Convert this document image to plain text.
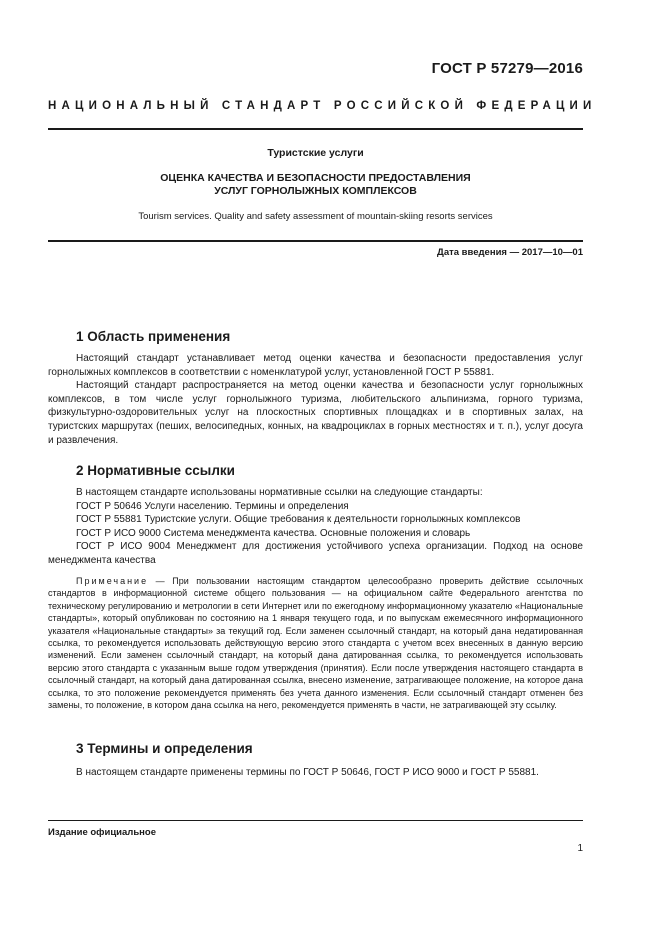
ГОСТ Р 57279—2016
НАЦИОНАЛЬНЫЙ СТАНДАРТ РОССИЙСКОЙ ФЕДЕРАЦИИ
Туристские услуги
ОЦЕНКА КАЧЕСТВА И БЕЗОПАСНОСТИ ПРЕДОСТАВЛЕНИЯ
УСЛУГ ГОРНОЛЫЖНЫХ КОМПЛЕКСОВ
Tourism services. Quality and safety assessment of mountain-skiing resorts services
Дата введения — 2017—10—01
1 Область применения

Настоящий стандарт устанавливает метод оценки качества и безопасности предоставления услуг горнолыжных комплексов в соответствии с номенклатурой услуг, установленной ГОСТ Р 55881.

Настоящий стандарт распространяется на метод оценки качества и безопасности услуг горнолыжных комплексов, в том числе услуг горнолыжного туризма, любительского альпинизма, горного туризма, физкультурно-оздоровительных услуг на плоскостных спортивных площадках и в спортивных залах, на туристских маршрутах (пеших, велосипедных, конных, на квадроциклах в горных местностях и т. п.), услуг досуга и развлечения.

2 Нормативные ссылки

В настоящем стандарте использованы нормативные ссылки на следующие стандарты:

ГОСТ Р 50646 Услуги населению. Термины и определения

ГОСТ Р 55881 Туристские услуги. Общие требования к деятельности горнолыжных комплексов

ГОСТ Р ИСО 9000 Система менеджмента качества. Основные положения и словарь

ГОСТ Р ИСО 9004 Менеджмент для достижения устойчивого успеха организации. Подход на основе менеджмента качества

Примечание — При пользовании настоящим стандартом целесообразно проверить действие ссылочных стандартов в информационной системе общего пользования — на официальном сайте Федерального агентства по техническому регулированию и метрологии в сети Интернет или по ежегодному информационному указателю «Национальные стандарты», который опубликован по состоянию на 1 января текущего года, и по выпускам ежемесячного информационного указателя «Национальные стандарты» за текущий год. Если заменен ссылочный стандарт, на который дана недатированная ссылка, то рекомендуется использовать действующую версию этого стандарта с учетом всех внесенных в данную версию изменений. Если заменен ссылочный стандарт, на который дана датированная ссылка, то рекомендуется использовать версию этого стандарта с указанным выше годом утверждения (принятия). Если после утверждения настоящего стандарта в ссылочный стандарт, на который дана датированная ссылка, внесено изменение, затрагивающее положение, на которое дана ссылка, то это положение рекомендуется применять без учета данного изменения. Если ссылочный стандарт отменен без замены, то положение, в котором дана ссылка на него, рекомендуется применять в части, не затрагивающей эту ссылку.

3 Термины и определения

В настоящем стандарте применены термины по ГОСТ Р 50646, ГОСТ Р ИСО 9000 и ГОСТ Р 55881.

Издание официальное
1
